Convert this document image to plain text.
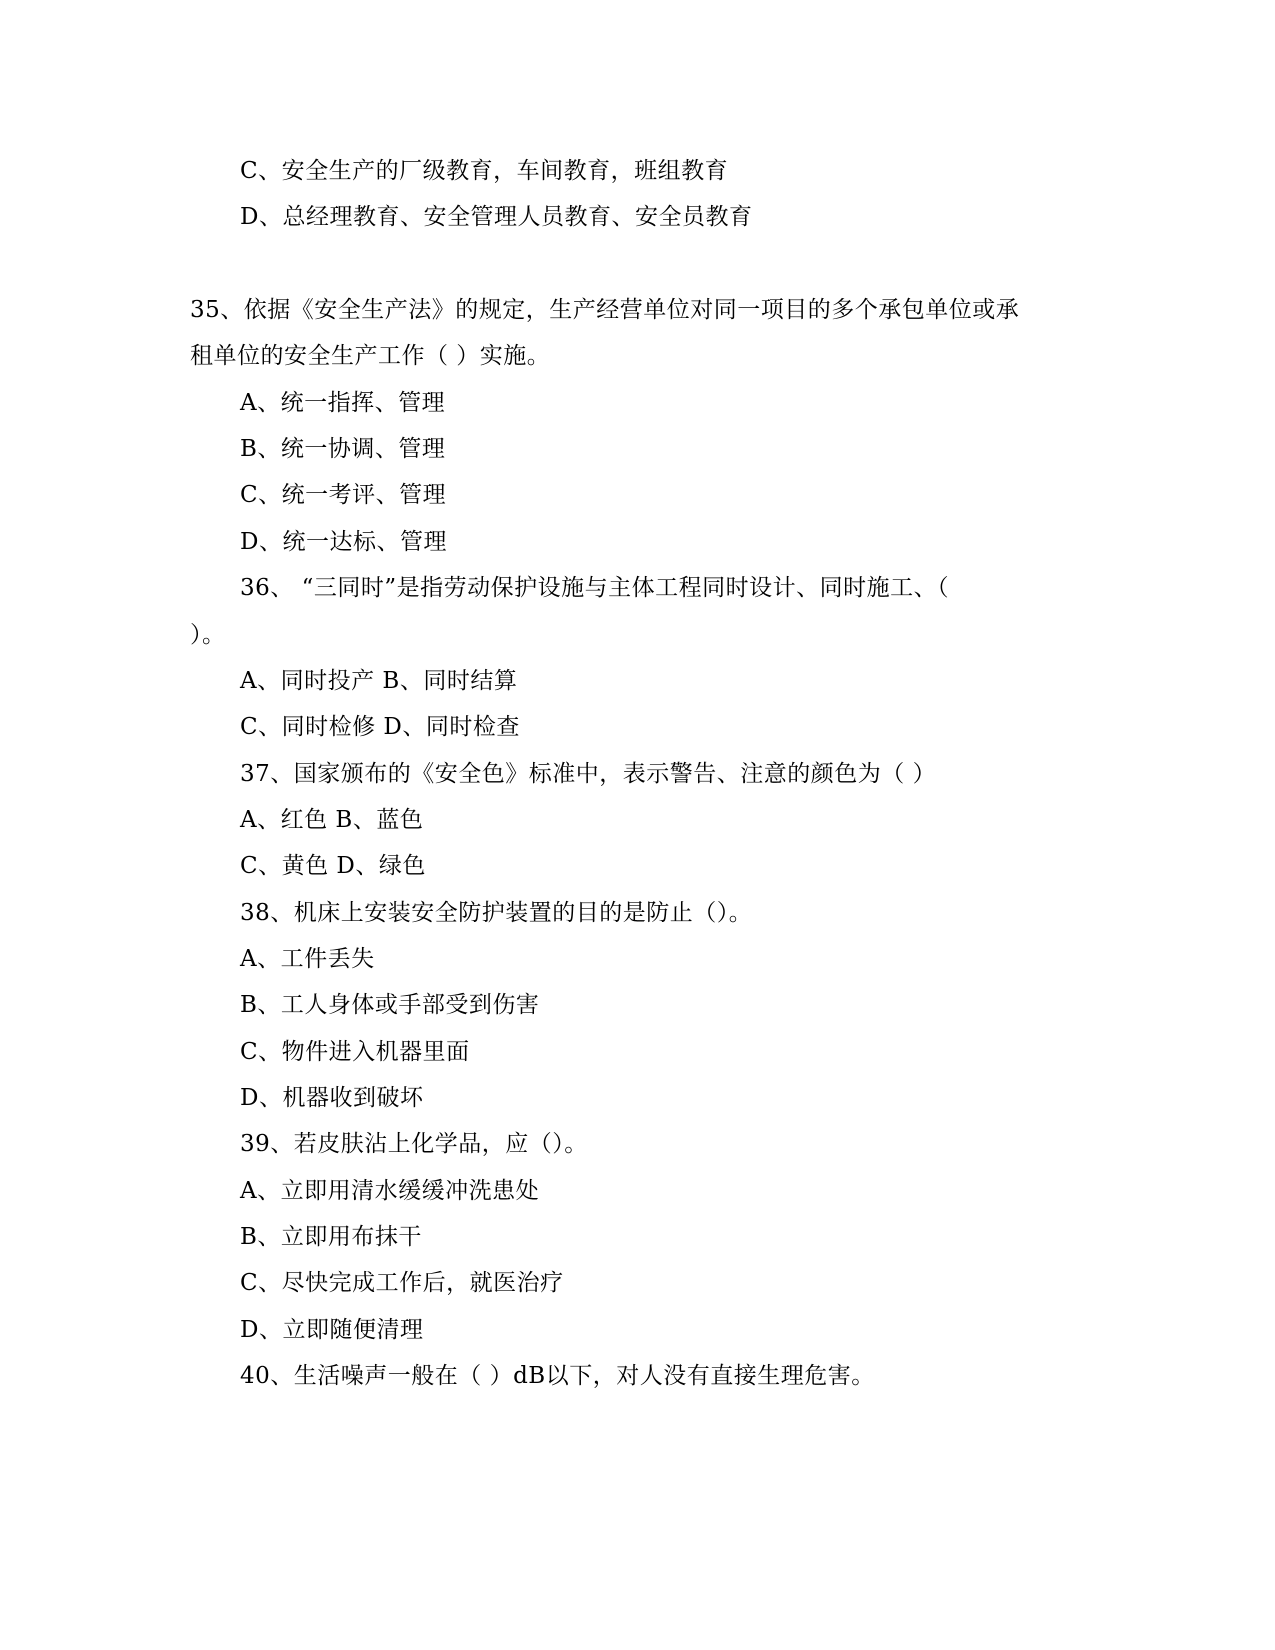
C、安全生产的厂级教育，车间教育，班组教育
D、总经理教育、安全管理人员教育、安全员教育
35、依据《安全生产法》的规定，生产经营单位对同一项目的多个承包单位或承
租单位的安全生产工作（ ）实施。
A、统一指挥、管理
B、统一协调、管理
C、统一考评、管理
D、统一达标、管理
36、 “三同时”是指劳动保护设施与主体工程同时设计、同时施工、（
）。
A、同时投产 B、同时结算
C、同时检修 D、同时检查
37、国家颁布的《安全色》标准中，表示警告、注意的颜色为（ ）
A、红色 B、蓝色
C、黄色 D、绿色
38、机床上安装安全防护装置的目的是防止（）。
A、工件丢失
B、工人身体或手部受到伤害
C、物件进入机器里面
D、机器收到破坏
39、若皮肤沾上化学品，应（）。
A、立即用清水缓缓冲洗患处
B、立即用布抹干
C、尽快完成工作后，就医治疗
D、立即随便清理
40、生活噪声一般在（ ）dB以下，对人没有直接生理危害。
